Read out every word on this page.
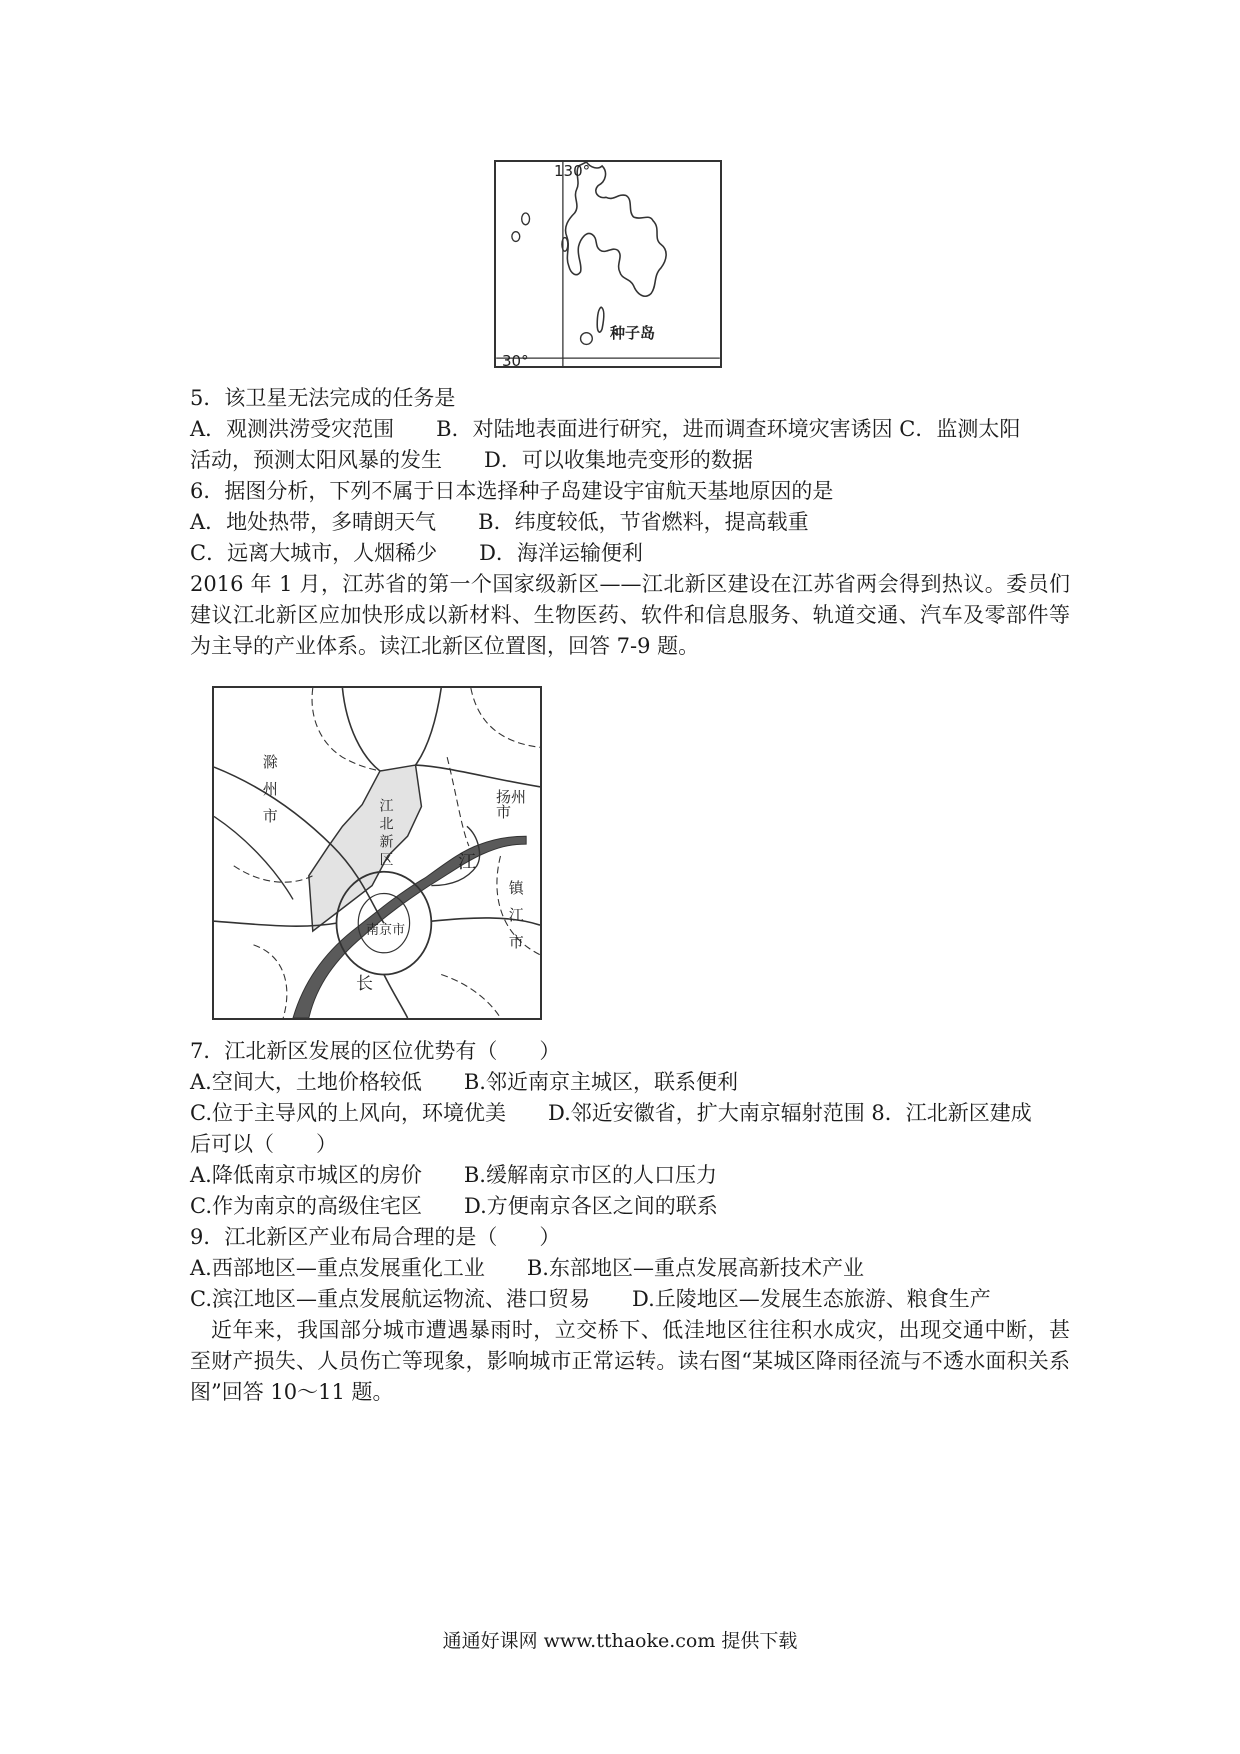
130°
30°
种子岛
5．该卫星无法完成的任务是
A．观测洪涝受灾范围　　B．对陆地表面进行研究，进而调查环境灾害诱因 C．监测太阳
活动，预测太阳风暴的发生　　D．可以收集地壳变形的数据
6．据图分析，下列不属于日本选择种子岛建设宇宙航天基地原因的是
A．地处热带，多晴朗天气　　B．纬度较低，节省燃料，提高载重
C．远离大城市，人烟稀少　　D．海洋运输便利
2016 年 1 月，江苏省的第一个国家级新区——江北新区建设在江苏省两会得到热议。委员们建议江北新区应加快形成以新材料、生物医药、软件和信息服务、轨道交通、汽车及零部件等为主导的产业体系。读江北新区位置图，回答 7-9 题。
滁州市	扬州市
镇江市
南京市
江
长
江北新区
7．江北新区发展的区位优势有（　　）
A.空间大，土地价格较低　　B.邻近南京主城区，联系便利
C.位于主导风的上风向，环境优美　　D.邻近安徽省，扩大南京辐射范围 8．江北新区建成
后可以（　　）
A.降低南京市城区的房价　　B.缓解南京市区的人口压力
C.作为南京的高级住宅区　　D.方便南京各区之间的联系
9．江北新区产业布局合理的是（　　）
A.西部地区—重点发展重化工业　　B.东部地区—重点发展高新技术产业
C.滨江地区—重点发展航运物流、港口贸易　　D.丘陵地区—发展生态旅游、粮食生产
近年来，我国部分城市遭遇暴雨时，立交桥下、低洼地区往往积水成灾，出现交通中断，甚至财产损失、人员伤亡等现象，影响城市正常运转。读右图“某城区降雨径流与不透水面积关系图”回答 10～11 题。
通通好课网 www.tthaoke.com 提供下载
